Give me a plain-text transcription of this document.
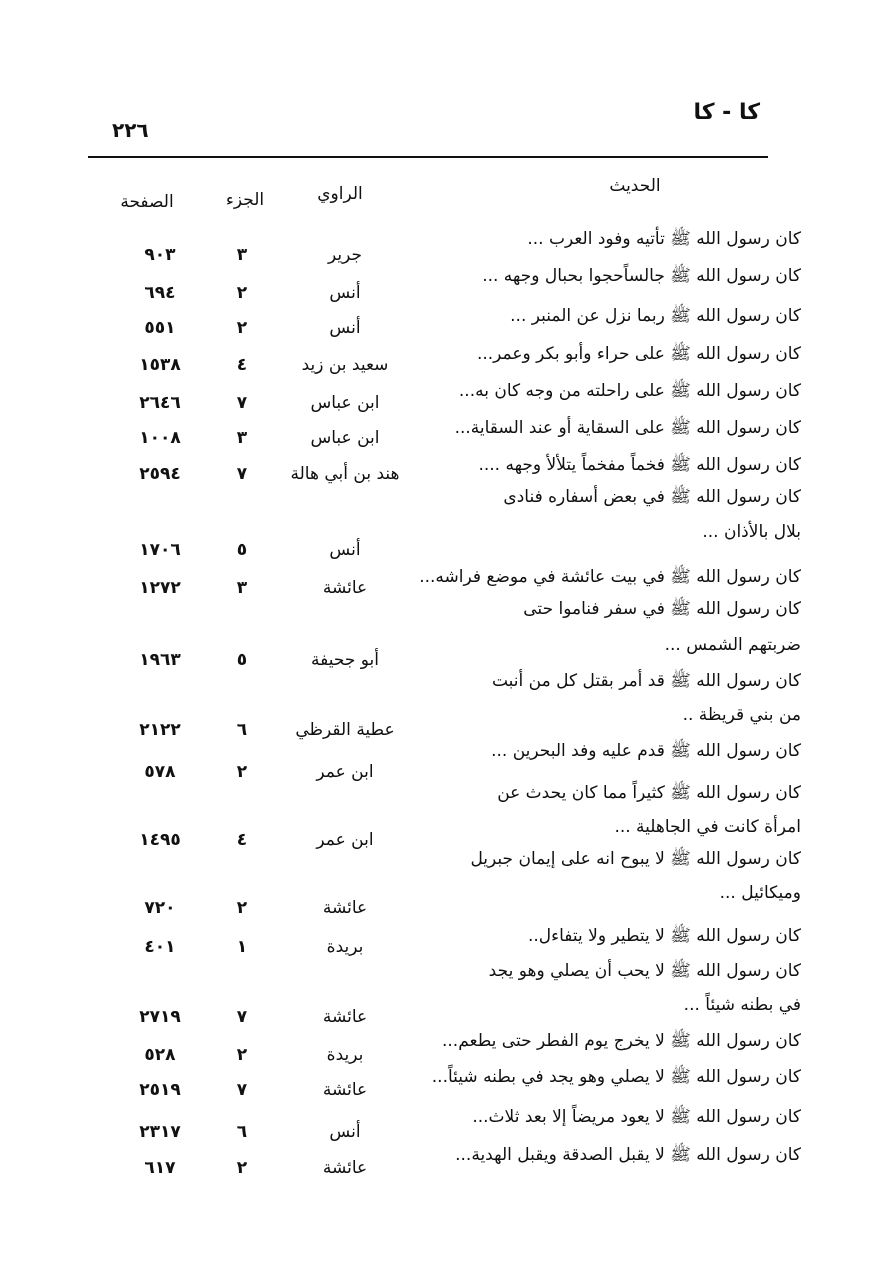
كا - كا
٢٢٦
الحديث
الراوي
الجزء
الصفحة
كان رسول الله ﷺ تأتيه وفود العرب ...
جرير
٣
٩٠٣
كان رسول الله ﷺ جالساًحجوا بحبال وجهه ...
أنس
٢
٦٩٤
كان رسول الله ﷺ ربما نزل عن المنبر ...
أنس
٢
٥٥١
كان رسول الله ﷺ على حراء وأبو بكر وعمر...
سعيد بن زيد
٤
١٥٣٨
كان رسول الله ﷺ على راحلته من وجه كان به...
ابن عباس
٧
٢٦٤٦
كان رسول الله ﷺ على السقاية أو عند السقاية...
ابن عباس
٣
١٠٠٨
كان رسول الله ﷺ فخماً مفخماً يتلألأ وجهه ....
هند بن أبي هالة
٧
٢٥٩٤
كان رسول الله ﷺ في بعض أسفاره فنادى
بلال بالأذان ...
أنس
٥
١٧٠٦
كان رسول الله ﷺ في بيت عائشة في موضع فراشه...
عائشة
٣
١٢٧٢
كان رسول الله ﷺ في سفر فناموا حتى
ضربتهم الشمس ...
أبو جحيفة
٥
١٩٦٣
كان رسول الله ﷺ قد أمر بقتل كل من أنبت
من بني قريظة ..
عطية القرظي
٦
٢١٢٢
كان رسول الله ﷺ قدم عليه وفد البحرين ...
ابن عمر
٢
٥٧٨
كان رسول الله ﷺ كثيراً مما كان يحدث عن
امرأة كانت في الجاهلية ...
ابن عمر
٤
١٤٩٥
كان رسول الله ﷺ لا يبوح انه على إيمان جبريل
وميكائيل ...
عائشة
٢
٧٢٠
كان رسول الله ﷺ لا يتطير ولا يتفاءل..
بريدة
١
٤٠١
كان رسول الله ﷺ لا يحب أن يصلي وهو يجد
في بطنه شيئاً ...
عائشة
٧
٢٧١٩
كان رسول الله ﷺ لا يخرج يوم الفطر حتى يطعم...
بريدة
٢
٥٢٨
كان رسول الله ﷺ لا يصلي وهو يجد في بطنه شيئاً...
عائشة
٧
٢٥١٩
كان رسول الله ﷺ لا يعود مريضاً إلا بعد ثلاث...
أنس
٦
٢٣١٧
كان رسول الله ﷺ لا يقبل الصدقة ويقبل الهدية...
عائشة
٢
٦١٧
